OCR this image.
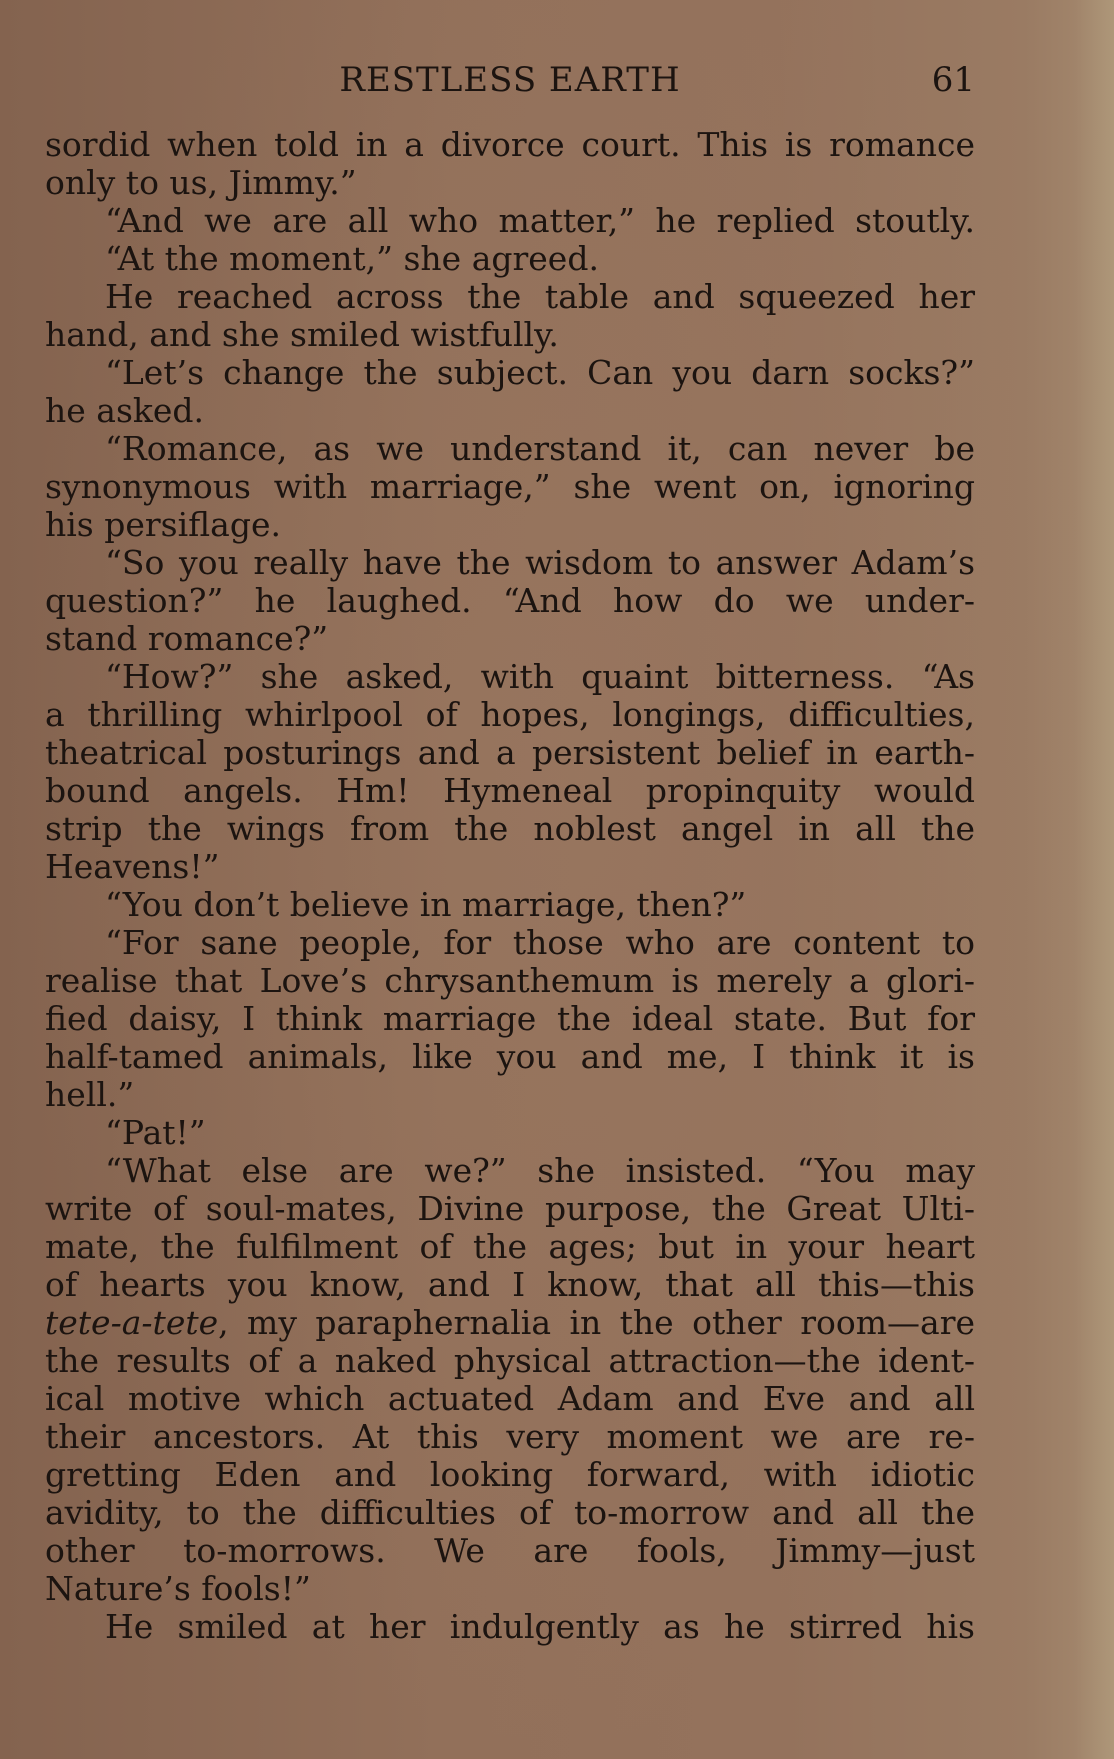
RESTLESS EARTH	61
sordid when told in a divorce court. This is romance
only to us, Jimmy.”
“And we are all who matter,” he replied stoutly.
“At the moment,” she agreed.
He reached across the table and squeezed her
hand, and she smiled wistfully.
“Let’s change the subject. Can you darn socks?”
he asked.
“Romance, as we understand it, can never be
synonymous with marriage,” she went on, ignoring
his persiflage.
“So you really have the wisdom to answer Adam’s
question?” he laughed. “And how do we under-
stand romance?”
“How?” she asked, with quaint bitterness. “As
a thrilling whirlpool of hopes, longings, difficulties,
theatrical posturings and a persistent belief in earth-
bound angels. Hm! Hymeneal propinquity would
strip the wings from the noblest angel in all the
Heavens!”
“You don’t believe in marriage, then?”
“For sane people, for those who are content to
realise that Love’s chrysanthemum is merely a glori-
fied daisy, I think marriage the ideal state. But for
half-tamed animals, like you and me, I think it is
hell.”
“Pat!”
“What else are we?” she insisted. “You may
write of soul-mates, Divine purpose, the Great Ulti-
mate, the fulfilment of the ages; but in your heart
of hearts you know, and I know, that all this—this
tete-a-tete, my paraphernalia in the other room—are
the results of a naked physical attraction—the ident-
ical motive which actuated Adam and Eve and all
their ancestors. At this very moment we are re-
gretting Eden and looking forward, with idiotic
avidity, to the difficulties of to-morrow and all the
other to-morrows. We are fools, Jimmy—just
Nature’s fools!”
He smiled at her indulgently as he stirred his
